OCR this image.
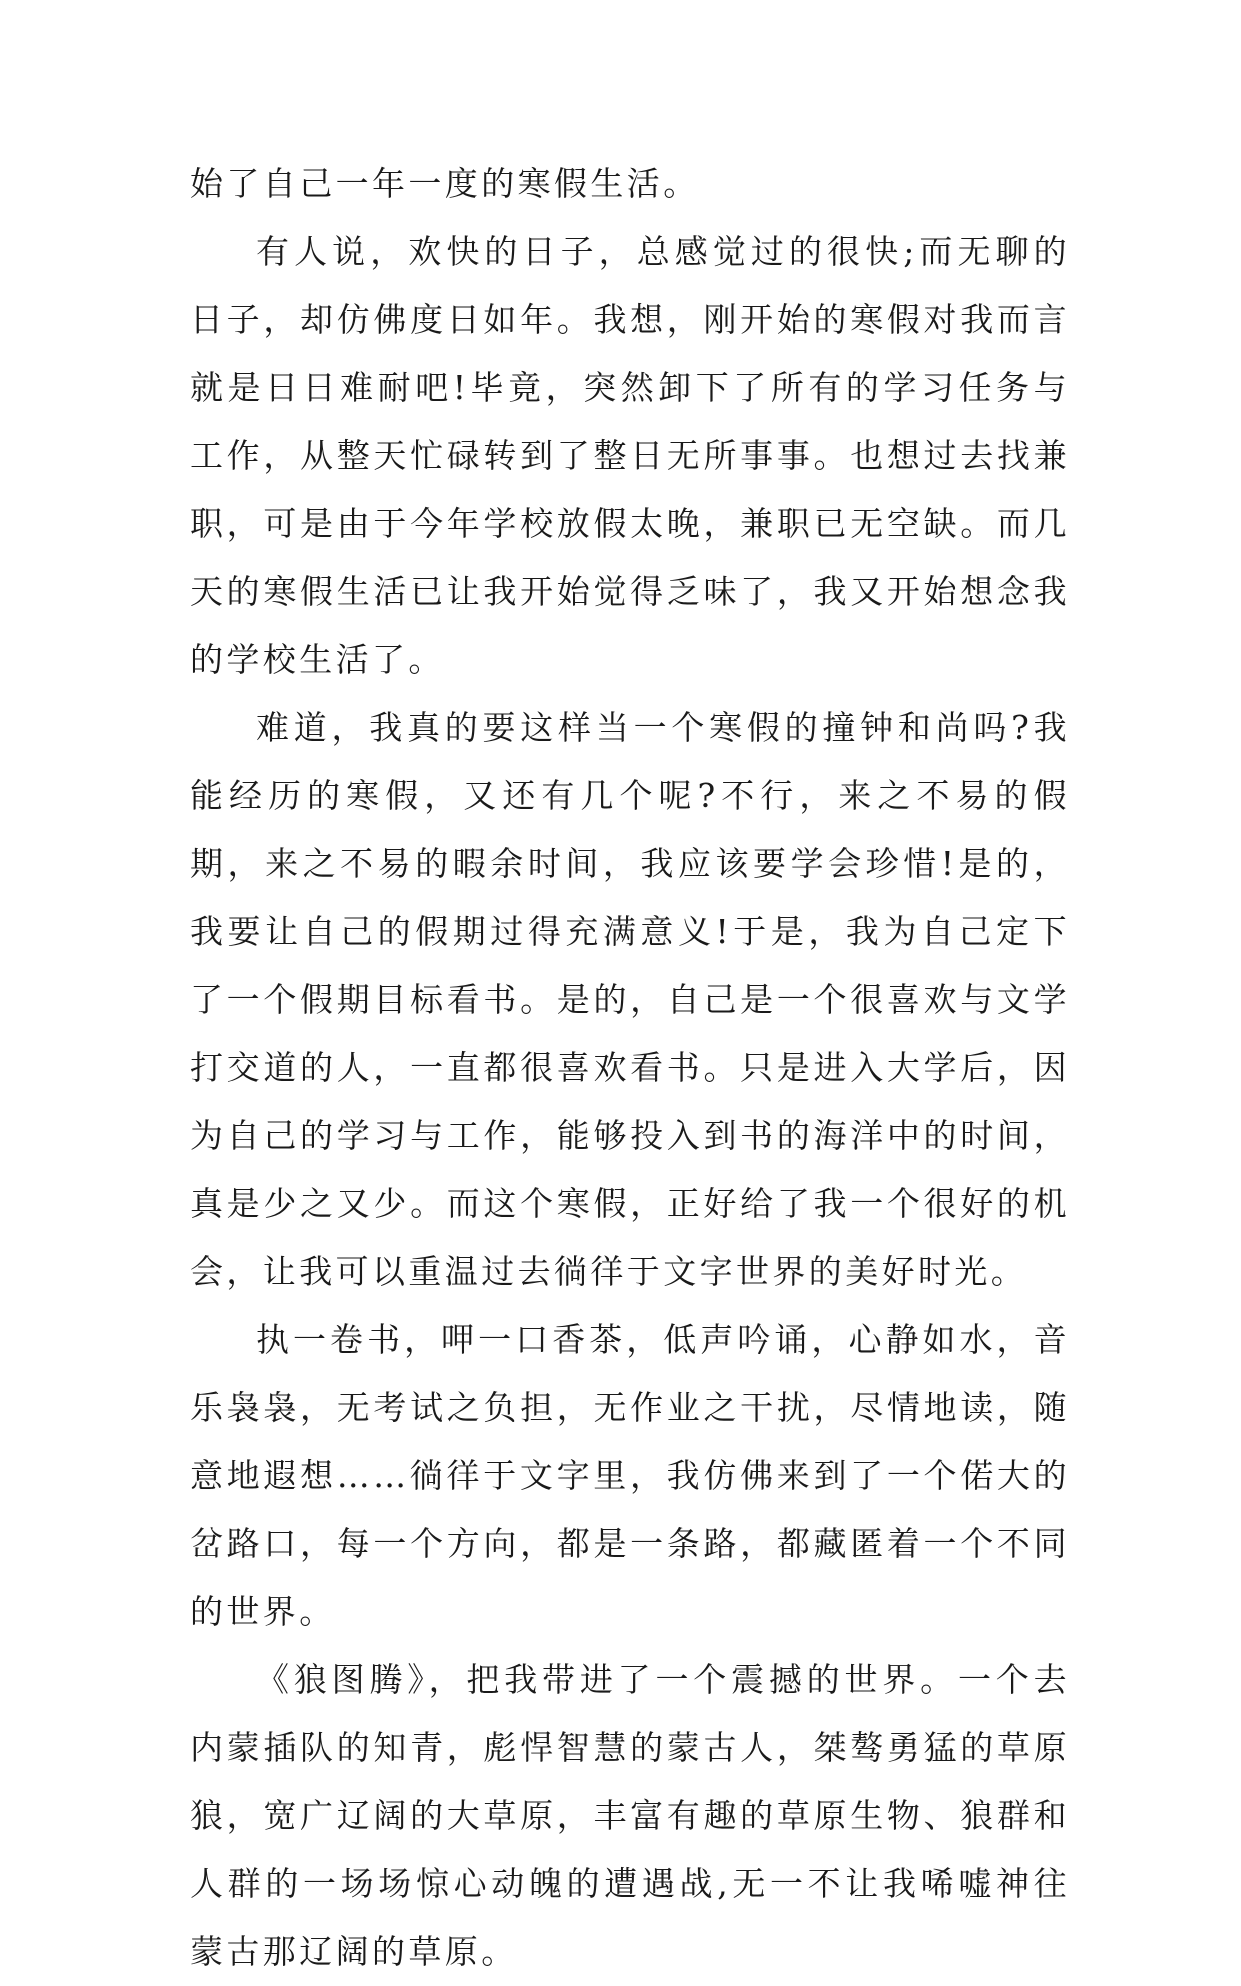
始了自己一年一度的寒假生活。

有人说，欢快的日子，总感觉过的很快;而无聊的日子，却仿佛度日如年。我想，刚开始的寒假对我而言就是日日难耐吧!毕竟，突然卸下了所有的学习任务与工作，从整天忙碌转到了整日无所事事。也想过去找兼职，可是由于今年学校放假太晚，兼职已无空缺。而几天的寒假生活已让我开始觉得乏味了，我又开始想念我的学校生活了。

难道，我真的要这样当一个寒假的撞钟和尚吗?我能经历的寒假，又还有几个呢?不行，来之不易的假期，来之不易的暇余时间，我应该要学会珍惜!是的，我要让自己的假期过得充满意义!于是，我为自己定下了一个假期目标看书。是的，自己是一个很喜欢与文学打交道的人，一直都很喜欢看书。只是进入大学后，因为自己的学习与工作，能够投入到书的海洋中的时间，真是少之又少。而这个寒假，正好给了我一个很好的机会，让我可以重温过去徜徉于文字世界的美好时光。

执一卷书，呷一口香茶，低声吟诵，心静如水，音乐袅袅，无考试之负担，无作业之干扰，尽情地读，随意地遐想……徜徉于文字里，我仿佛来到了一个偌大的岔路口，每一个方向，都是一条路，都藏匿着一个不同的世界。

《狼图腾》，把我带进了一个震撼的世界。一个去内蒙插队的知青，彪悍智慧的蒙古人，桀骜勇猛的草原狼，宽广辽阔的大草原，丰富有趣的草原生物、狼群和人群的一场场惊心动魄的遭遇战,无一不让我唏嘘神往蒙古那辽阔的草原。
